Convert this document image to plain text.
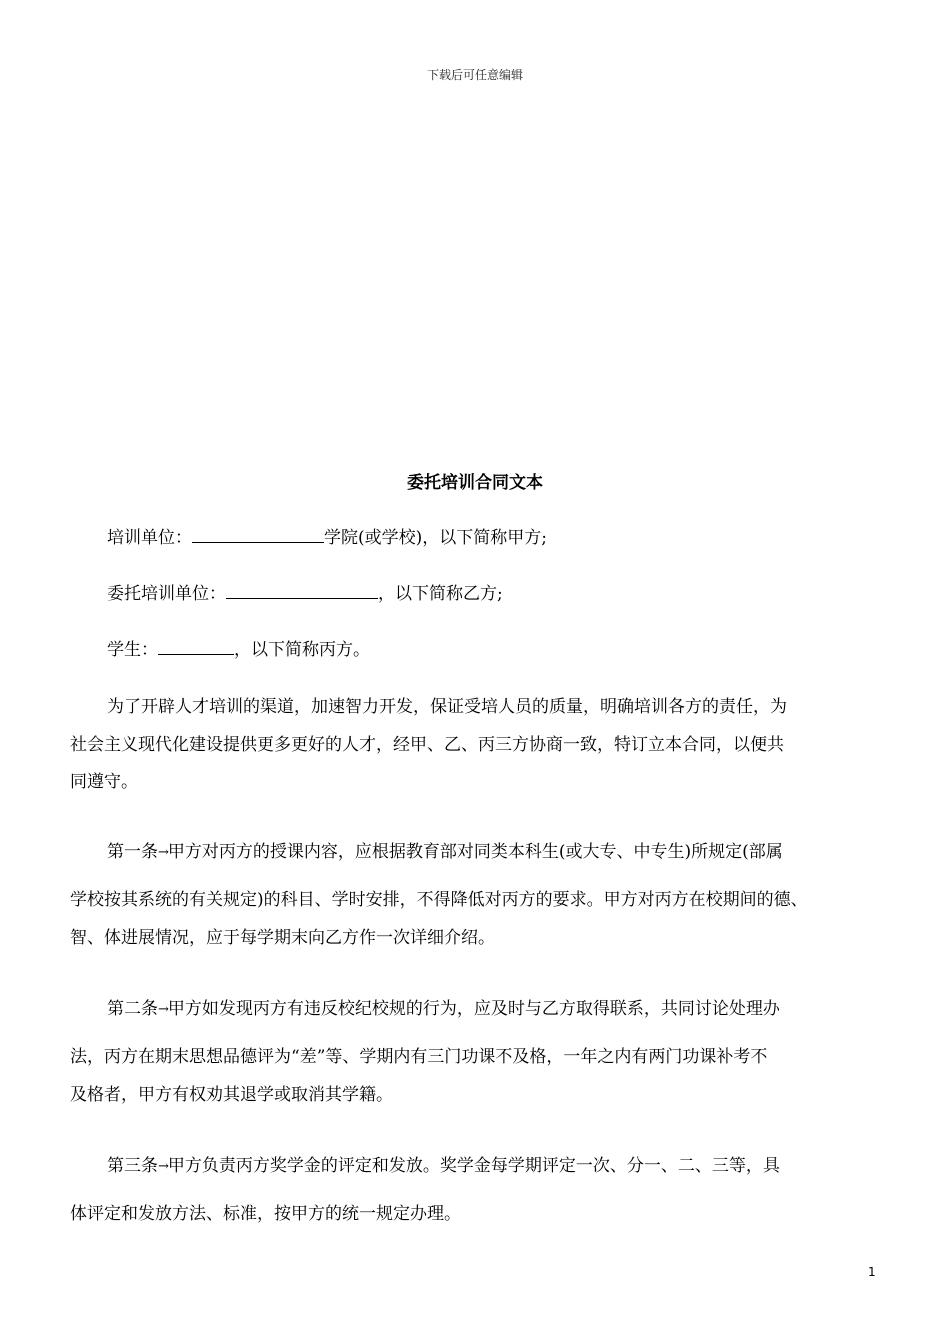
下载后可任意编辑
委托培训合同文本
培训单位：	学院(或学校)，以下简称甲方;
委托培训单位：	，以下简称乙方;
学生：	，以下简称丙方。
为了开辟人才培训的渠道，加速智力开发，保证受培人员的质量，明确培训各方的责任，为
社会主义现代化建设提供更多更好的人才，经甲、乙、丙三方协商一致，特订立本合同，以便共
同遵守。
第一条→甲方对丙方的授课内容，应根据教育部对同类本科生(或大专、中专生)所规定(部属
学校按其系统的有关规定)的科目、学时安排，不得降低对丙方的要求。甲方对丙方在校期间的德、
智、体进展情况，应于每学期末向乙方作一次详细介绍。
第二条→甲方如发现丙方有违反校纪校规的行为，应及时与乙方取得联系，共同讨论处理办
法，丙方在期末思想品德评为“差”等、学期内有三门功课不及格，一年之内有两门功课补考不
及格者，甲方有权劝其退学或取消其学籍。
第三条→甲方负责丙方奖学金的评定和发放。奖学金每学期评定一次、分一、二、三等，具
体评定和发放方法、标准，按甲方的统一规定办理。
1
